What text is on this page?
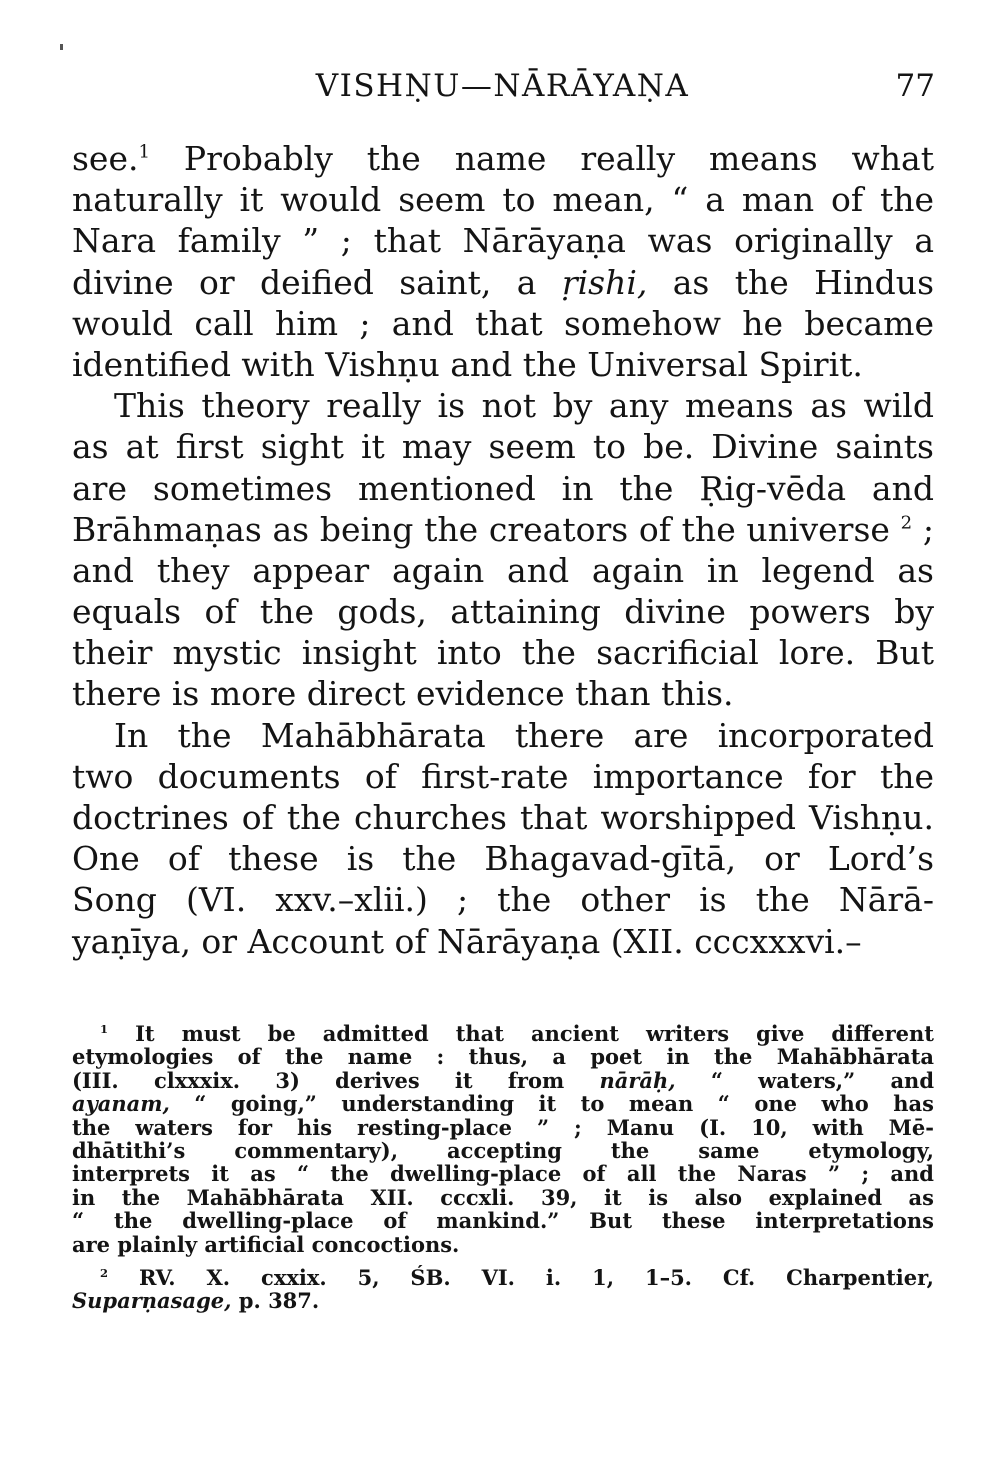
VISHṆU—NĀRĀYAṆA	77
see.$^1$ Probably the name really means what
naturally it would seem to mean, “ a man of the
Nara family ” ; that Nārāyaṇa was originally a
divine or deified saint, a ṛishi, as the Hindus
would call him ; and that somehow he became
identified with Vishṇu and the Universal Spirit.
This theory really is not by any means as wild
as at first sight it may seem to be. Divine saints
are sometimes mentioned in the Ṛig-vēda and
Brāhmaṇas as being the creators of the universe $^2$ ;
and they appear again and again in legend as
equals of the gods, attaining divine powers by
their mystic insight into the sacrificial lore. But
there is more direct evidence than this.
In the Mahābhārata there are incorporated
two documents of first-rate importance for the
doctrines of the churches that worshipped Vishṇu.
One of these is the Bhagavad-gītā, or Lord’s
Song (VI. xxv.–xlii.) ; the other is the Nārā-
yaṇīya, or Account of Nārāyaṇa (XII. cccxxxvi.–
$^1$ It must be admitted that ancient writers give different
etymologies of the name : thus, a poet in the Mahābhārata
(III. clxxxix. 3) derives it from nārāḥ, “ waters,” and
ayanam, “ going,” understanding it to mean “ one who has
the waters for his resting-place ” ; Manu (I. 10, with Mē-
dhātithi’s commentary), accepting the same etymology,
interprets it as “ the dwelling-place of all the Naras ” ; and
in the Mahābhārata XII. cccxli. 39, it is also explained as
“ the dwelling-place of mankind.” But these interpretations
are plainly artificial concoctions.
$^2$ RV. X. cxxix. 5, ŚB. VI. i. 1, 1–5. Cf. Charpentier,
Suparṇasage, p. 387.
